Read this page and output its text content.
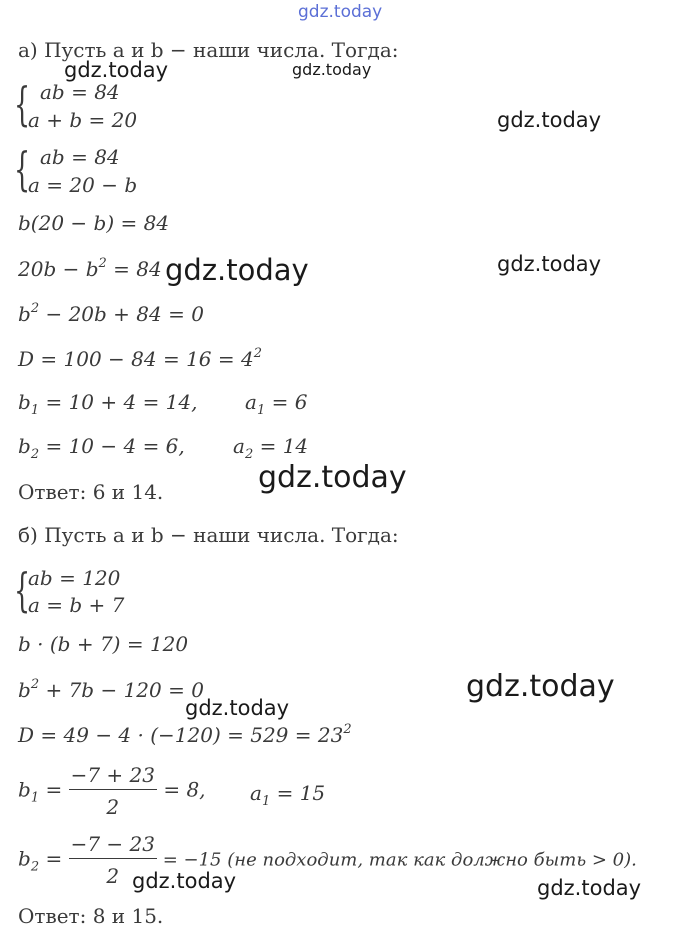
gdz.today
gdz.today	gdz.today
gdz.today
gdz.today
gdz.today
gdz.today
gdz.today
gdz.today
gdz.today	gdz.today
а) Пусть a и b − наши числа. Тогда:
{ ab = 84
a + b = 20
{ ab = 84
a = 20 − b
b(20 − b) = 84
$20b - b^2 = 84$
$b^2 - 20b + 84 = 0$
$D = 100 - 84 = 16 = 4^2$
$b_1 = 10 + 4 = 14$, $a_1 = 6$
$b_2 = 10 - 4 = 6$, $a_2 = 14$
Ответ: 6 и 14.
б) Пусть a и b − наши числа. Тогда:
{
ab = 120
a = b + 7
b · (b + 7) = 120
$b^2 + 7b - 120 = 0$
$D = 49 - 4 \cdot (-120) = 529 = 23^2$
$b_1 = \frac{-7 + 23}{2} = 8$, $a_1 = 15$
$b_2 = \frac{-7 - 23}{2} = -15$ (не подходит, так как должно быть > 0).
Ответ: 8 и 15.
